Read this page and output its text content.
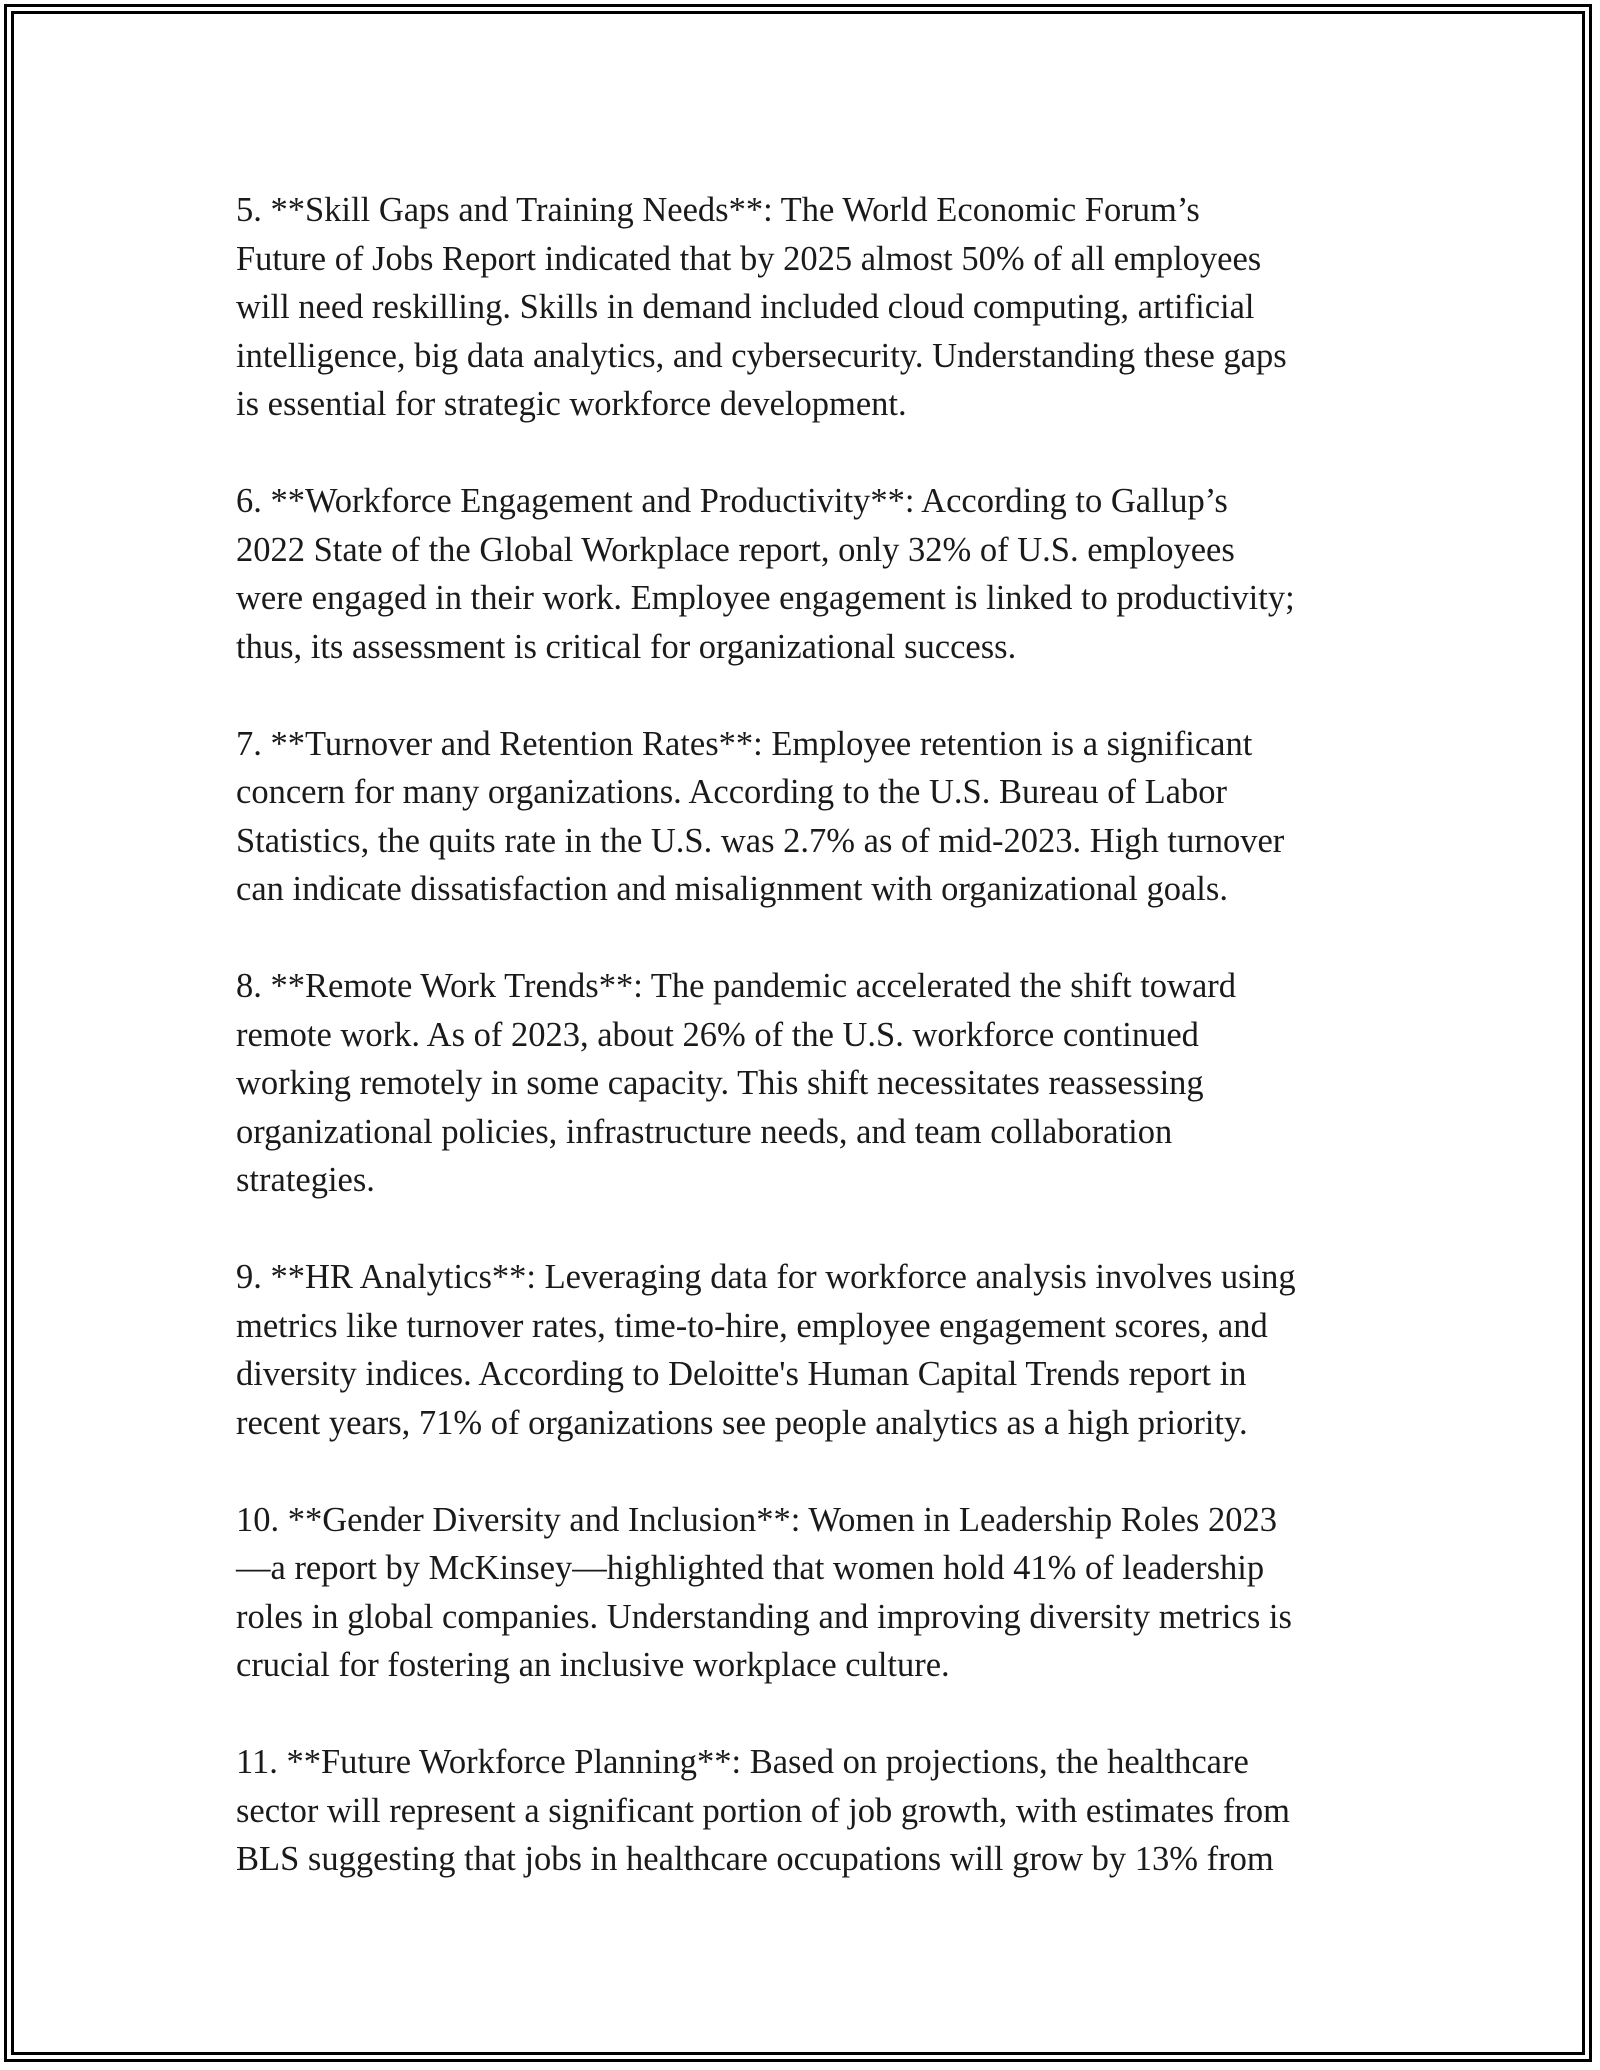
5. **Skill Gaps and Training Needs**: The World Economic Forum’s
Future of Jobs Report indicated that by 2025 almost 50% of all employees
will need reskilling. Skills in demand included cloud computing, artificial
intelligence, big data analytics, and cybersecurity. Understanding these gaps
is essential for strategic workforce development.

6. **Workforce Engagement and Productivity**: According to Gallup’s
2022 State of the Global Workplace report, only 32% of U.S. employees
were engaged in their work. Employee engagement is linked to productivity;
thus, its assessment is critical for organizational success.

7. **Turnover and Retention Rates**: Employee retention is a significant
concern for many organizations. According to the U.S. Bureau of Labor
Statistics, the quits rate in the U.S. was 2.7% as of mid-2023. High turnover
can indicate dissatisfaction and misalignment with organizational goals.

8. **Remote Work Trends**: The pandemic accelerated the shift toward
remote work. As of 2023, about 26% of the U.S. workforce continued
working remotely in some capacity. This shift necessitates reassessing
organizational policies, infrastructure needs, and team collaboration
strategies.

9. **HR Analytics**: Leveraging data for workforce analysis involves using
metrics like turnover rates, time-to-hire, employee engagement scores, and
diversity indices. According to Deloitte's Human Capital Trends report in
recent years, 71% of organizations see people analytics as a high priority.

10. **Gender Diversity and Inclusion**: Women in Leadership Roles 2023
—a report by McKinsey—highlighted that women hold 41% of leadership
roles in global companies. Understanding and improving diversity metrics is
crucial for fostering an inclusive workplace culture.

11. **Future Workforce Planning**: Based on projections, the healthcare
sector will represent a significant portion of job growth, with estimates from
BLS suggesting that jobs in healthcare occupations will grow by 13% from
